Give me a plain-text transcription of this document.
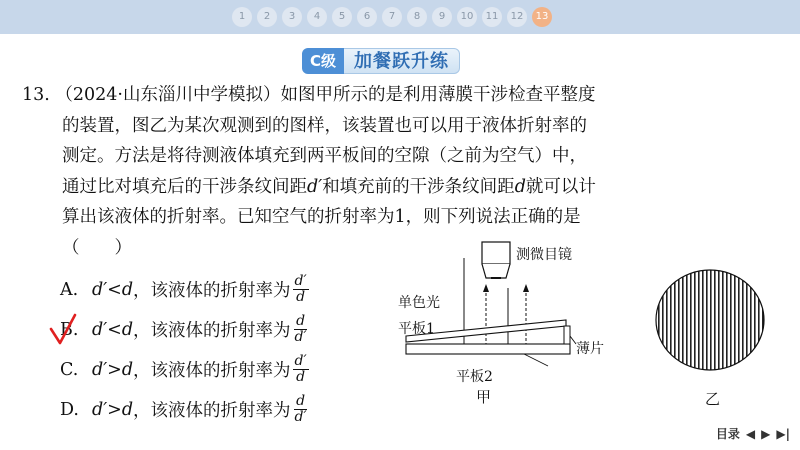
1	2	3	4	5	6	7	8	9	10	11	12	13
C级	加餐跃升练
13. （2024·山东淄川中学模拟）如图甲所示的是利用薄膜干涉检查平整度
的装置，图乙为某次观测到的图样，该装置也可以用于液体折射率的
测定。方法是将待测液体填充到两平板间的空隙（之前为空气）中，
通过比对填充后的干涉条纹间距d′和填充前的干涉条纹间距d就可以计
算出该液体的折射率。已知空气的折射率为1，则下列说法正确的是
（　　）
A. d′<d ，该液体的折射率为 $\frac{d'}{d}$
B. d′<d ，该液体的折射率为 $\frac{d}{d'}$
C. d′>d ，该液体的折射率为 $\frac{d'}{d}$
D. d′>d ，该液体的折射率为 $\frac{d}{d'}$
测微目镜
单色光
平板1
薄片
平板2
甲	乙
目录 ◀ ▶ ▶|
